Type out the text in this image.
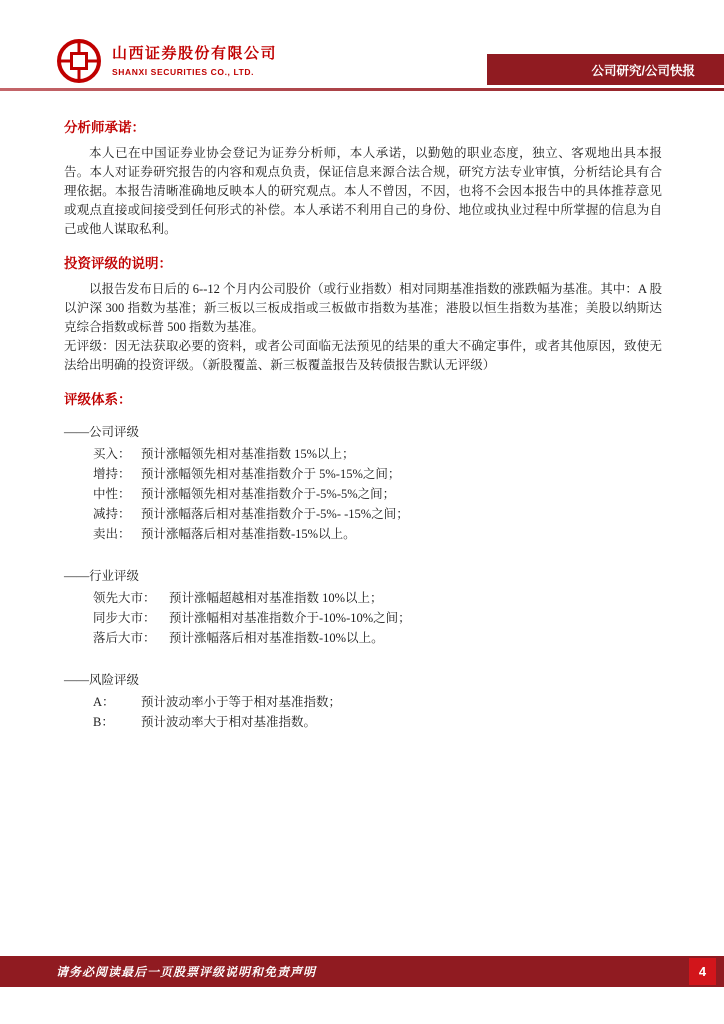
山西证券股份有限公司
SHANXI SECURITIES CO., LTD.	公司研究/公司快报
分析师承诺：

本人已在中国证券业协会登记为证券分析师，本人承诺，以勤勉的职业态度，独立、客观地出具本报告。本人对证券研究报告的内容和观点负责，保证信息来源合法合规，研究方法专业审慎，分析结论具有合理依据。本报告清晰准确地反映本人的研究观点。本人不曾因，不因，也将不会因本报告中的具体推荐意见或观点直接或间接受到任何形式的补偿。本人承诺不利用自己的身份、地位或执业过程中所掌握的信息为自己或他人谋取私利。

投资评级的说明：

以报告发布日后的 6--12 个月内公司股价（或行业指数）相对同期基准指数的涨跌幅为基准。其中：A 股以沪深 300 指数为基准；新三板以三板成指或三板做市指数为基准；港股以恒生指数为基准；美股以纳斯达克综合指数或标普 500 指数为基准。

无评级：因无法获取必要的资料，或者公司面临无法预见的结果的重大不确定事件，或者其他原因，致使无法给出明确的投资评级。（新股覆盖、新三板覆盖报告及转债报告默认无评级）

评级体系：

——公司评级

买入： 预计涨幅领先相对基准指数 15%以上；
增持： 预计涨幅领先相对基准指数介于 5%-15%之间；
中性： 预计涨幅领先相对基准指数介于-5%-5%之间；
减持： 预计涨幅落后相对基准指数介于-5%- -15%之间；
卖出： 预计涨幅落后相对基准指数-15%以上。

——行业评级

领先大市：	预计涨幅超越相对基准指数 10%以上；
同步大市：	预计涨幅相对基准指数介于-10%-10%之间；
落后大市：	预计涨幅落后相对基准指数-10%以上。

——风险评级

A：	预计波动率小于等于相对基准指数；
B：	预计波动率大于相对基准指数。
请务必阅读最后一页股票评级说明和免责声明	4
